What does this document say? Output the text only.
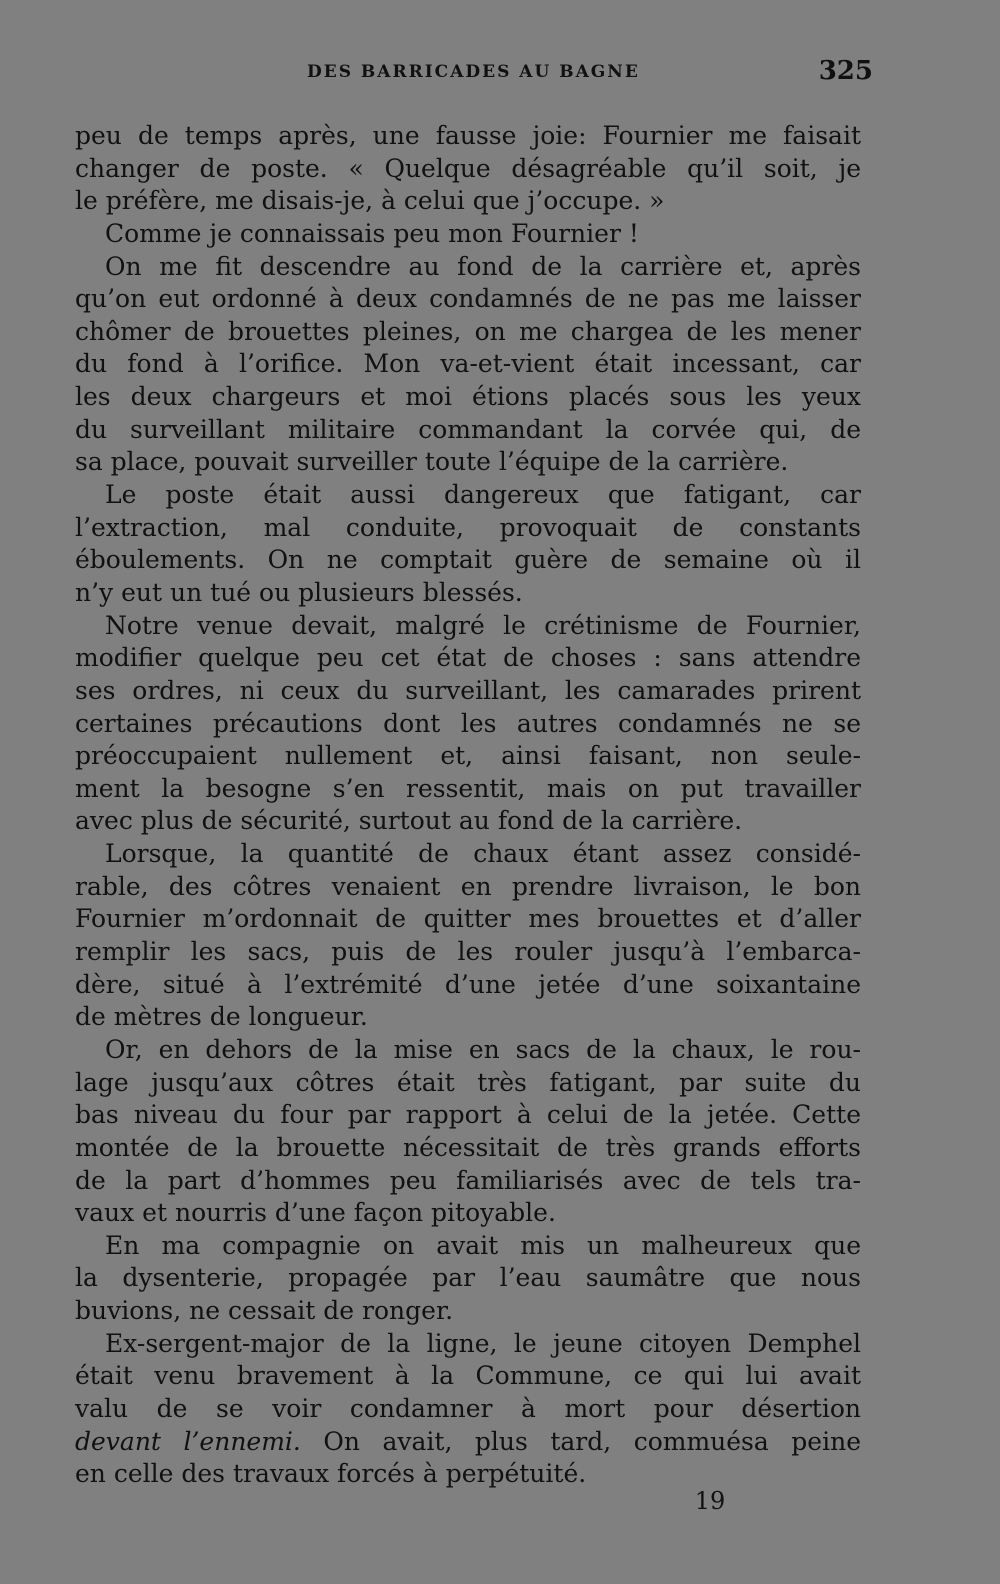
DES BARRICADES AU BAGNE	325
peu de temps après, une fausse joie: Fournier me faisait
changer de poste. « Quelque désagréable qu’il soit, je
le préfère, me disais-je, à celui que j’occupe. »
Comme je connaissais peu mon Fournier !
On me fit descendre au fond de la carrière et, après
qu’on eut ordonné à deux condamnés de ne pas me laisser
chômer de brouettes pleines, on me chargea de les mener
du fond à l’orifice. Mon va-et-vient était incessant, car
les deux chargeurs et moi étions placés sous les yeux
du surveillant militaire commandant la corvée qui, de
sa place, pouvait surveiller toute l’équipe de la carrière.
Le poste était aussi dangereux que fatigant, car
l’extraction, mal conduite, provoquait de constants
éboulements. On ne comptait guère de semaine où il
n’y eut un tué ou plusieurs blessés.
Notre venue devait, malgré le crétinisme de Fournier,
modifier quelque peu cet état de choses : sans attendre
ses ordres, ni ceux du surveillant, les camarades prirent
certaines précautions dont les autres condamnés ne se
préoccupaient nullement et, ainsi faisant, non seule-
ment la besogne s’en ressentit, mais on put travailler
avec plus de sécurité, surtout au fond de la carrière.
Lorsque, la quantité de chaux étant assez considé-
rable, des côtres venaient en prendre livraison, le bon
Fournier m’ordonnait de quitter mes brouettes et d’aller
remplir les sacs, puis de les rouler jusqu’à l’embarca-
dère, situé à l’extrémité d’une jetée d’une soixantaine
de mètres de longueur.
Or, en dehors de la mise en sacs de la chaux, le rou-
lage jusqu’aux côtres était très fatigant, par suite du
bas niveau du four par rapport à celui de la jetée. Cette
montée de la brouette nécessitait de très grands efforts
de la part d’hommes peu familiarisés avec de tels tra-
vaux et nourris d’une façon pitoyable.
En ma compagnie on avait mis un malheureux que
la dysenterie, propagée par l’eau saumâtre que nous
buvions, ne cessait de ronger.
Ex-sergent-major de la ligne, le jeune citoyen Demphel
était venu bravement à la Commune, ce qui lui avait
valu de se voir condamner à mort pour désertion
devant l’ennemi. On avait, plus tard, commuésa peine
en celle des travaux forcés à perpétuité.
19
